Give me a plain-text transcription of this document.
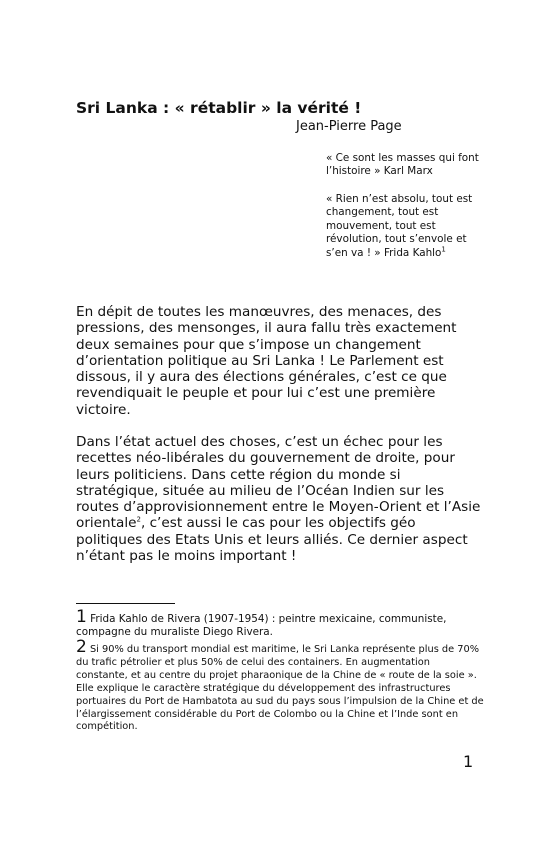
Sri Lanka : « rétablir » la vérité !
Jean-Pierre Page
« Ce sont les masses qui font l’histoire » Karl Marx
« Rien n’est absolu, tout est changement, tout est mouvement, tout est révolution, tout s’envole et s’en va ! » Frida Kahlo$^1$

En dépit de toutes les manœuvres, des menaces, des pressions, des mensonges, il aura fallu très exactement deux semaines pour que s’impose un changement d’orientation politique au Sri Lanka ! Le Parlement est dissous, il y aura des élections générales, c’est ce que revendiquait le peuple et pour lui c’est une première victoire.

Dans l’état actuel des choses, c’est un échec pour les recettes néo-libérales du gouvernement de droite, pour leurs politiciens. Dans cette région du monde si stratégique, située au milieu de l’Océan Indien sur les routes d’approvisionnement entre le Moyen-Orient et l’Asie orientale$^2$, c’est aussi le cas pour les objectifs géo politiques des Etats Unis et leurs alliés. Ce dernier aspect n’étant pas le moins important !

1 Frida Kahlo de Rivera (1907-1954) : peintre mexicaine, communiste, compagne du muraliste Diego Rivera.

2 Si 90% du transport mondial est maritime, le Sri Lanka représente plus de 70% du trafic pétrolier et plus 50% de celui des containers. En augmentation constante, et au centre du projet pharaonique de la Chine de « route de la soie ». Elle explique le caractère stratégique du développement des infrastructures portuaires du Port de Hambatota au sud du pays sous l’impulsion de la Chine et de l’élargissement considérable du Port de Colombo ou la Chine et l’Inde sont en compétition.

1
